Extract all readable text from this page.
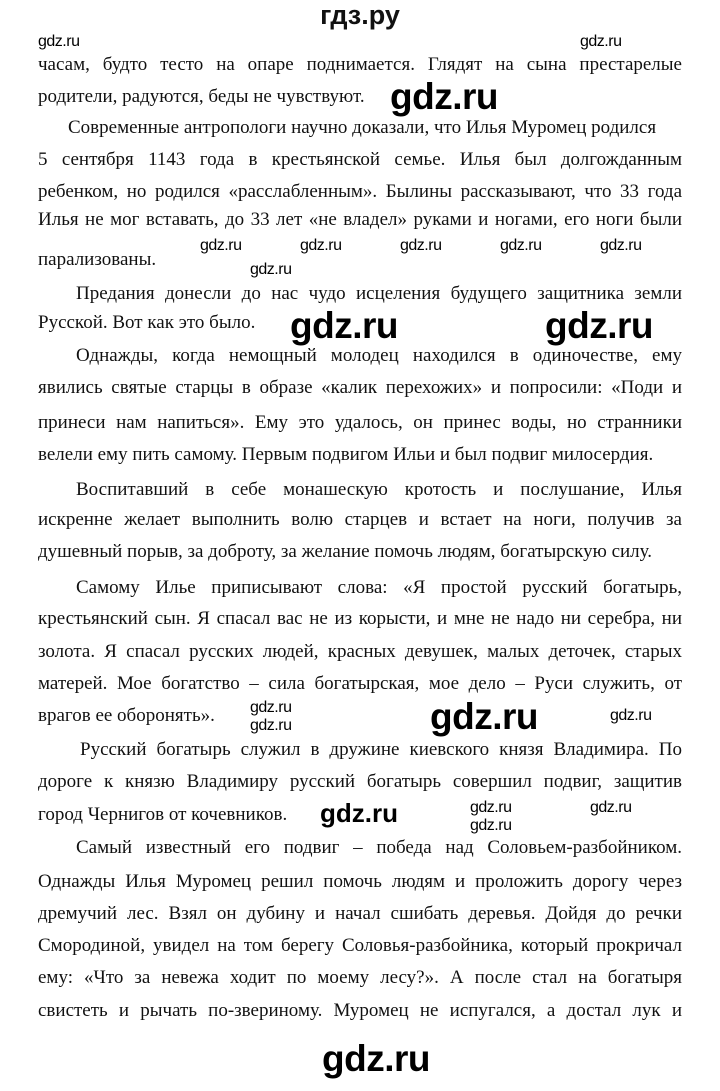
гдз.ру
часам, будто тесто на опаре поднимается. Глядят на сына престарелые
родители, радуются, беды не чувствуют.
Современные антропологи научно доказали, что Илья Муромец родился
5 сентября 1143 года в крестьянской семье. Илья был долгожданным
ребенком, но родился «расслабленным». Былины рассказывают, что 33 года
Илья не мог вставать, до 33 лет «не владел» руками и ногами, его ноги были
парализованы.
Предания донесли до нас чудо исцеления будущего защитника земли
Русской. Вот как это было.
Однажды, когда немощный молодец находился в одиночестве, ему
явились святые старцы в образе «калик перехожих» и попросили: «Поди и
принеси нам напиться». Ему это удалось, он принес воды, но странники
велели ему пить самому. Первым подвигом Ильи и был подвиг милосердия.
Воспитавший в себе монашескую кротость и послушание, Илья
искренне желает выполнить волю старцев и встает на ноги, получив за
душевный порыв, за доброту, за желание помочь людям, богатырскую силу.
Самому Илье приписывают слова: «Я простой русский богатырь,
крестьянский сын. Я спасал вас не из корысти, и мне не надо ни серебра, ни
золота. Я спасал русских людей, красных девушек, малых деточек, старых
матерей. Мое богатство – сила богатырская, мое дело – Руси служить, от
врагов ее оборонять».
Русский богатырь служил в дружине киевского князя Владимира. По
дороге к князю Владимиру русский богатырь совершил подвиг, защитив
город Чернигов от кочевников.
Самый известный его подвиг – победа над Соловьем-разбойником.
Однажды Илья Муромец решил помочь людям и проложить дорогу через
дремучий лес. Взял он дубину и начал сшибать деревья. Дойдя до речки
Смородиной, увидел на том берегу Соловья-разбойника, который прокричал
ему: «Что за невежа ходит по моему лесу?». А после стал на богатыря
свистеть и рычать по-звериному. Муромец не испугался, а достал лук и
gdz.ru
gdz.ru	gdz.ru
gdz.ru
gdz.ru
gdz.ru
gdz.ru	gdz.ru
gdz.ru	gdz.ru	gdz.ru	gdz.ru	gdz.ru
gdz.ru
gdz.ru
gdz.ru
gdz.ru
gdz.ru	gdz.ru
gdz.ru
